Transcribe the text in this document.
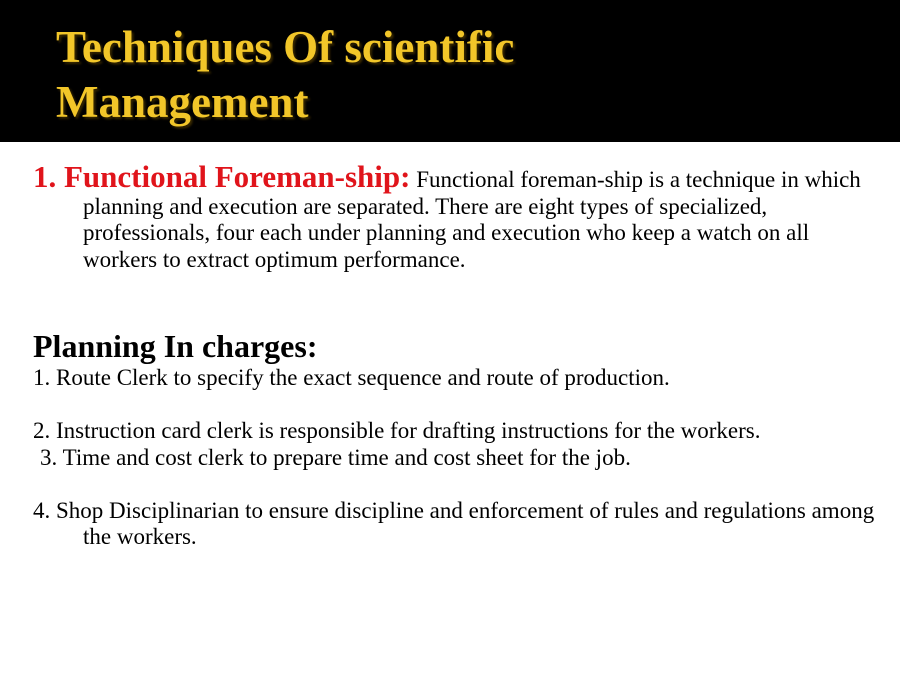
Techniques Of scientific
Management

1. Functional Foreman-ship: Functional foreman-ship is a technique in which planning and execution are separated. There are eight types of specialized, professionals, four each under planning and execution who keep a watch on all workers to extract optimum performance.

Planning In charges:

1. Route Clerk to specify the exact sequence and route of production.

2. Instruction card clerk is responsible for drafting instructions for the workers.

3. Time and cost clerk to prepare time and cost sheet for the job.

4. Shop Disciplinarian to ensure discipline and enforcement of rules and regulations among the workers.
